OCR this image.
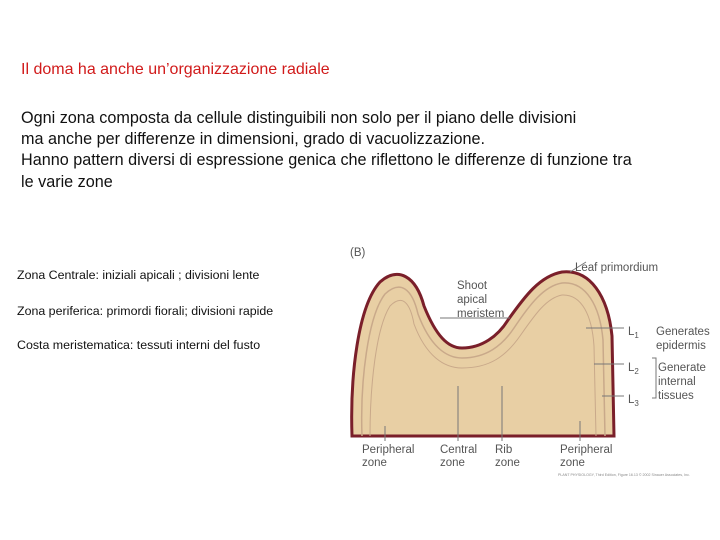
Il doma ha anche un’organizzazione radiale
Ogni zona composta da cellule distinguibili non solo per il piano delle divisioni
ma anche per differenze in dimensioni, grado di vacuolizzazione.
Hanno pattern diversi di espressione genica che riflettono le differenze di funzione tra
le varie zone
Zona Centrale: iniziali apicali ; divisioni lente
Zona periferica: primordi fiorali; divisioni rapide
Costa meristematica: tessuti interni del fusto
(B)
Leaf primordium
Shoot
apical
meristem
$L_1$
$L_2$
$L_3$
Generates
epidermis
Generate
internal
tissues
Peripheral
zone
Central
zone
Rib
zone
Peripheral
zone
PLANT PHYSIOLOGY, Third Edition, Figure 16.13 © 2002 Sinauer Associates, Inc.
